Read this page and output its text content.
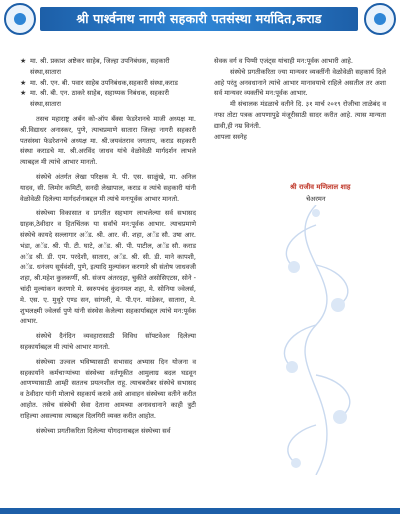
श्री पार्श्वनाथ नागरी सहकारी पतसंस्था मर्यादित,कराड
★ मा. श्री. प्रकाश अष्टेकर साहेब, जिल्हा उपनिबंधक, सहकारी संस्था,सातारा
★ मा. श्री. एन. बी. पवार साहेब उपनिबंधक,सहकारी संस्था,कराड
★ मा. श्री. बी. एन. ठाकरे साहेब, सहाय्यक निबंधक, सहकारी संस्था,सातारा

तसच महाराष्ट्र अर्बन को-ऑप बँक्स फेडरेशनचे माजी अध्यक्ष मा. श्री.विद्याधर अनास्कर, पुणे, त्याचप्रमाणे सातारा जिल्हा नागरी सहकारी पतसंस्था फेडरेशनचे अध्यक्ष मा. श्री.जयवंतराव जगताप, कराड सहकारी संस्था कराडचे मा. श्री.अरविंद जाधव यांचे वेळोवेळी मार्गदर्शन लाभले त्याबद्दल मी त्यांचे आभार मानतो.

संस्थेचे अंतर्गत लेखा परिक्षक मे. पी. एस. साळुंखे, मा. अनिल यादव, सी. लिमोर कमिटी, सनदी लेखापाल, कराड व त्यांचे सहकारी यांनी वेळोवेळी दिलेल्या मार्गदर्शनाबद्दल मी त्यांचे मनःपूर्वक आभार मानतो.

संस्थेच्या विकासात व प्रगतीत सहभाग लाभलेल्या सर्व सभासद ग्राहक,ठेवीदार व हितचिंतक या सर्वांचे मन:पूर्वक आभार. त्याचप्रमाणे संस्थेचे कायदे सल्लागार अॅड. श्री. आर. वी. शहा, अॅड सौ. उषा आर. भंडा, अॅड. श्री. पी. टी. घाटे, अॅड. श्री. पी. पाटील, अॅड सौ. कराड अॅड श्री. डी. एम. परदेशी, सातारा, अॅड. श्री. सी. डी. माने कापशी, अॅड. धनंजय सूर्यवंशी, पुणे, इत्यादि मुल्यांकन करणारे श्री संतोष जाधवजी शहा, श्री.महेश कुलकर्णी, श्री. संजय अंतरदहा, चुकीते असोसिएटस, सोने - चांदी मुल्यांकन करणारे मे. स्वरुपचंद कुंदनमल शहा, मे. सोनिया ज्वेलर्स, मे. एस. ए. मुथुरे एण्ड सन, सांगली, मे. पी.एन. मांडेकर, सातारा, मे. शुभलक्ष्मी ज्वेलर्स पुणे यांनी संस्थेस केलेल्या सहकार्याबद्दल त्यांचे मन:पूर्वक आभार.

संस्थेचे दैनंदिन व्यवहारासाठी विविध सॉफ्टवेअर दिलेल्या सहकार्याबद्दल मी त्यांचे आभार मानतो.

संस्थेच्या उज्वल भविष्यासाठी सभासद अभ्यास दिन योजना व सहकार्याने कर्मचाऱ्यांच्या संस्थेच्या वर्तणूकीत आमुलाग्र बदल घडवून आणण्यासाठी आम्ही सततच प्रयत्नशील राहू. त्याचबरोबर संस्थेचे सभासद व ठेवीदार यांनी मोलाचे सहकार्य करावे असे आवाहन संस्थेच्या वतीने करीत आहोत. तसेच संस्थेची सेवा देताना आमच्या अनावधानाने काही त्रुटी राहिल्या असल्यास त्याबद्दल दिलगिरी व्यक्त करीत आहोत.

संस्थेच्या प्रगतीकरिता दिलेल्या योगदानाबद्दल संस्थेच्या सर्व

सेवक वर्ग व पिग्मी एजंट्स यांचाही मन:पूर्वक आभारी आहे.

संस्थेचे प्रगतीकरिता ज्या मान्यवर व्यक्तींनी वेळोवेळी सहकार्य दिले आहे परंतु अनवधानाने त्यांचे आभार मानावयाचे राहिले असतील तर अशा सर्व मान्यवर व्यक्तींचे मन:पूर्वक आभार.

मी संचालक मंडळाचे वतीने दि. ३१ मार्च २०१९ रोजीचा ताळेबंद व नफा तोटा पत्रक आपणापुढे मंजूरीसाठी सादर करीत आहे. त्यास मान्यता द्यावी,ही नम्र विनंती.

आपला सस्नेह

श्री राजीव मणिलाल शाह
चेअरमन
